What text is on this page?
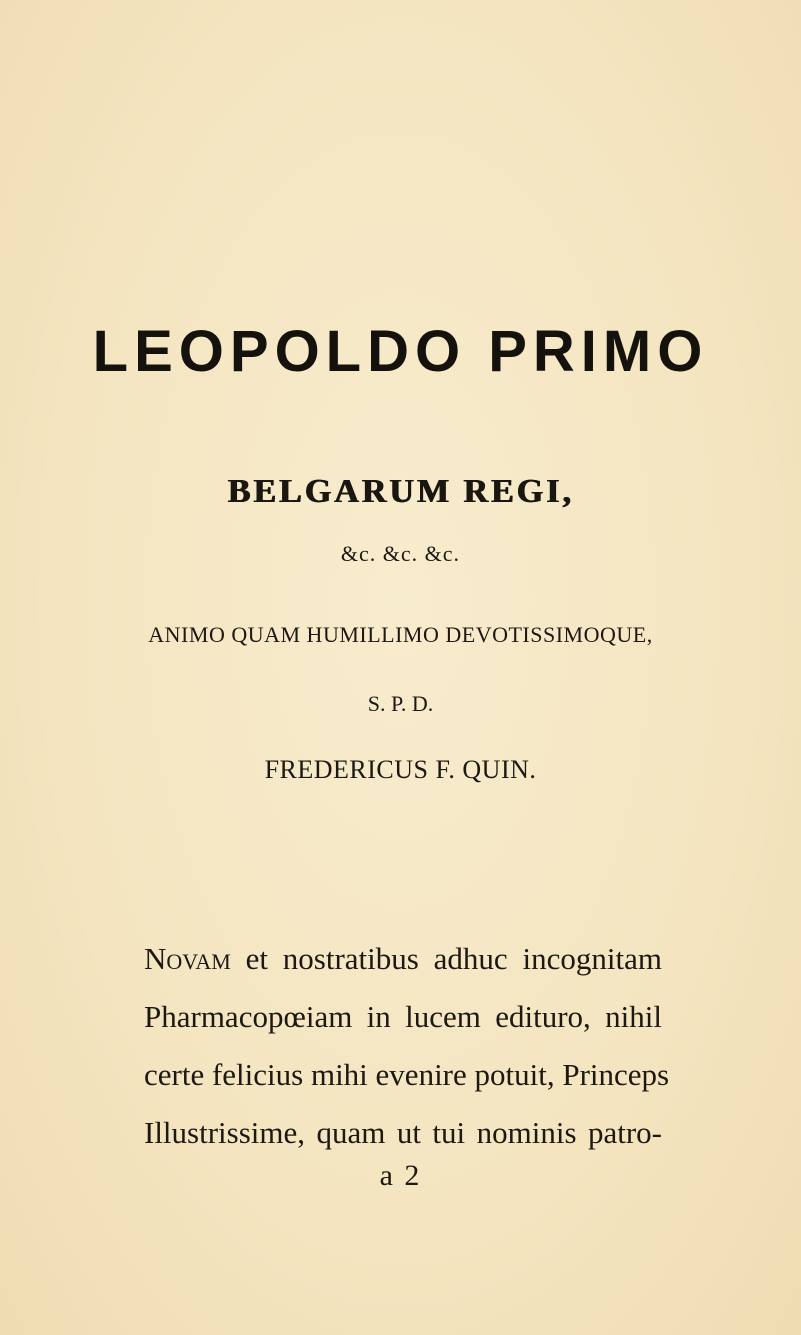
LEOPOLDO PRIMO
BELGARUM REGI,
&c. &c. &c.
ANIMO QUAM HUMILLIMO DEVOTISSIMOQUE,
S. P. D.
FREDERICUS F. QUIN.
Novam et nostratibus adhuc incognitam
Pharmacopœiam in lucem edituro, nihil
certe felicius mihi evenire potuit, Princeps
Illustrissime, quam ut tui nominis patro-
a 2
